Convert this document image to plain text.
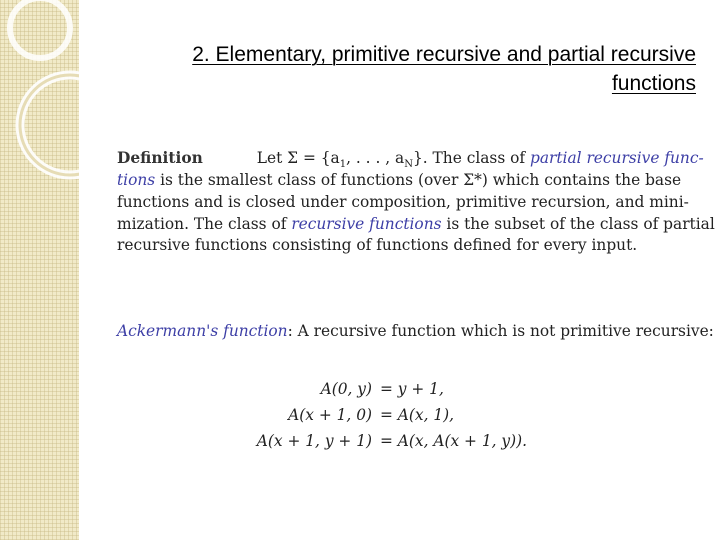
2. Elementary, primitive recursive and partial recursive
functions
Definition	Let $\Sigma = \{a_1$, . . . , $a_N$}. The class of partial recursive func-
tions is the smallest class of functions (over Σ*) which contains the base
functions and is closed under composition, primitive recursion, and mini-
mization. The class of recursive functions is the subset of the class of partial
recursive functions consisting of functions defined for every input.
Ackermann's function: A recursive function which is not primitive recursive:
A(0, y) = y + 1,
A(x + 1, 0) = A(x, 1),
A(x + 1, y + 1) = A(x, A(x + 1, y)).
